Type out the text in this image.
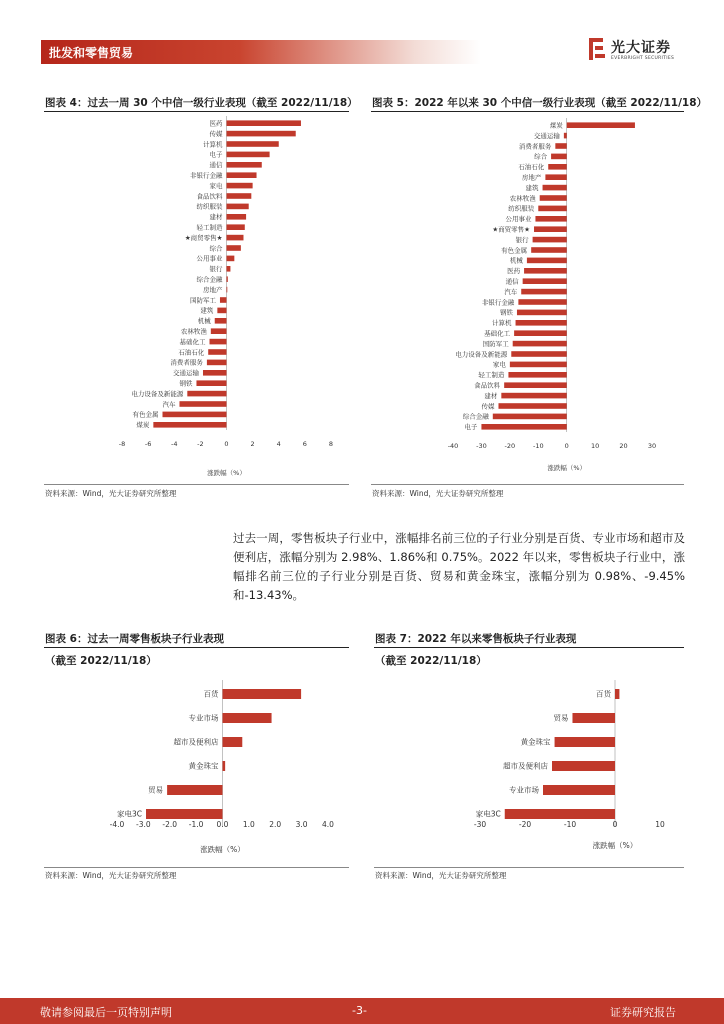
批发和零售贸易	光大证券
EVERBRIGHT SECURITIES
图表 4：过去一周 30 个中信一级行业表现（截至 2022/11/18）
医药
传媒
计算机
电子
通信
非银行金融
家电
食品饮料
纺织服装
建材
轻工制造
★商贸零售★
综合
公用事业
银行
综合金融
房地产
国防军工
建筑
机械
农林牧渔
基础化工
石油石化
消费者服务
交通运输
钢铁
电力设备及新能源
汽车
有色金属
煤炭
-8	-6	-4	-2	0	2	4	6	8
涨跌幅（%）
资料来源：Wind，光大证券研究所整理
图表 5：2022 年以来 30 个中信一级行业表现（截至 2022/11/18）
煤炭
交通运输
消费者服务
综合
石油石化
房地产
建筑
农林牧渔
纺织服装
公用事业
★商贸零售★
银行
有色金属
机械
医药
通信
汽车
非银行金融
钢铁
计算机
基础化工
国防军工
电力设备及新能源
家电
轻工制造
食品饮料
建材
传媒
综合金融
电子
-40	-30	-20	-10	0	10	20	30
涨跌幅（%）
资料来源：Wind，光大证券研究所整理
过去一周，零售板块子行业中，涨幅排名前三位的子行业分别是百货、专业市场和超市及便利店，涨幅分别为 2.98%、1.86%和 0.75%。2022 年以来，零售板块子行业中，涨幅排名前三位的子行业分别是百货、贸易和黄金珠宝，涨幅分别为 0.98%、-9.45%和-13.43%。
图表 6：过去一周零售板块子行业表现
（截至 2022/11/18）
百货
专业市场
超市及便利店
黄金珠宝
贸易
家电3C
-4.0 -3.0 -2.0 -1.0 0.0 1.0 2.0 3.0 4.0
涨跌幅（%）
资料来源：Wind，光大证券研究所整理
图表 7：2022 年以来零售板块子行业表现
（截至 2022/11/18）
百货
贸易
黄金珠宝
超市及便利店
专业市场
家电3C
-30	-20	-10	0	10
涨跌幅（%）
资料来源：Wind，光大证券研究所整理
敬请参阅最后一页特别声明	-3-	证券研究报告
